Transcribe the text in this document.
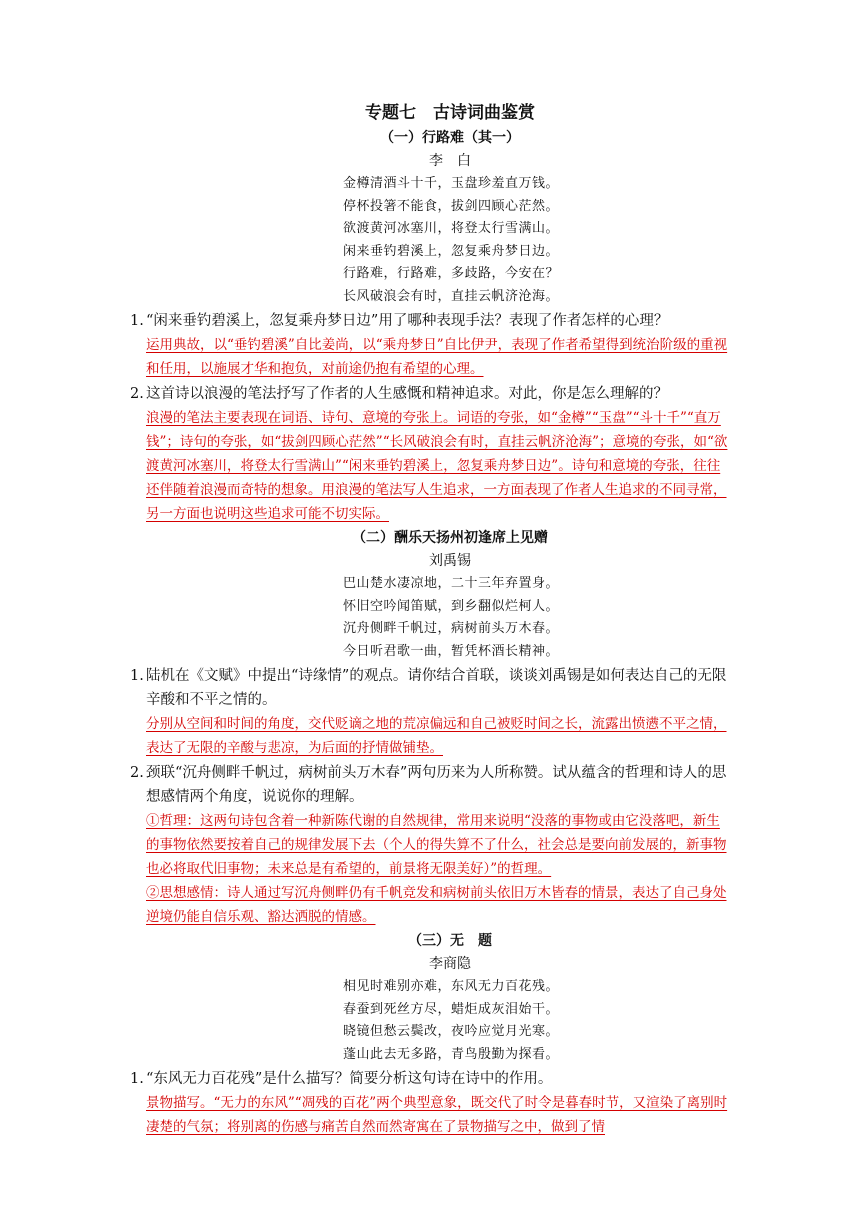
专题七　古诗词曲鉴赏
（一）行路难（其一）
李　白
金樽清酒斗十千，玉盘珍羞直万钱。
停杯投箸不能食，拔剑四顾心茫然。
欲渡黄河冰塞川，将登太行雪满山。
闲来垂钓碧溪上，忽复乘舟梦日边。
行路难，行路难，多歧路，今安在？
长风破浪会有时，直挂云帆济沧海。
1. “闲来垂钓碧溪上，忽复乘舟梦日边”用了哪种表现手法？表现了作者怎样的心理？

运用典故，以“垂钓碧溪”自比姜尚，以“乘舟梦日”自比伊尹，表现了作者希望得到统治阶级的重视和任用，以施展才华和抱负，对前途仍抱有希望的心理。

2. 这首诗以浪漫的笔法抒写了作者的人生感慨和精神追求。对此，你是怎么理解的？

浪漫的笔法主要表现在词语、诗句、意境的夸张上。词语的夸张，如“金樽”“玉盘”“斗十千”“直万钱”；诗句的夸张，如“拔剑四顾心茫然”“长风破浪会有时，直挂云帆济沧海”；意境的夸张，如“欲渡黄河冰塞川，将登太行雪满山”“闲来垂钓碧溪上，忽复乘舟梦日边”。诗句和意境的夸张，往往还伴随着浪漫而奇特的想象。用浪漫的笔法写人生追求，一方面表现了作者人生追求的不同寻常，另一方面也说明这些追求可能不切实际。

（二）酬乐天扬州初逢席上见赠
刘禹锡
巴山楚水凄凉地，二十三年弃置身。
怀旧空吟闻笛赋，到乡翻似烂柯人。
沉舟侧畔千帆过，病树前头万木春。
今日听君歌一曲，暂凭杯酒长精神。
1. 陆机在《文赋》中提出“诗缘情”的观点。请你结合首联，谈谈刘禹锡是如何表达自己的无限辛酸和不平之情的。

分别从空间和时间的角度，交代贬谪之地的荒凉偏远和自己被贬时间之长，流露出愤懑不平之情，表达了无限的辛酸与悲凉，为后面的抒情做铺垫。

2. 颈联“沉舟侧畔千帆过，病树前头万木春”两句历来为人所称赞。试从蕴含的哲理和诗人的思想感情两个角度，说说你的理解。

①哲理：这两句诗包含着一种新陈代谢的自然规律，常用来说明“没落的事物或由它没落吧，新生的事物依然要按着自己的规律发展下去（个人的得失算不了什么，社会总是要向前发展的，新事物也必将取代旧事物；未来总是有希望的，前景将无限美好）”的哲理。

②思想感情：诗人通过写沉舟侧畔仍有千帆竞发和病树前头依旧万木皆春的情景，表达了自己身处逆境仍能自信乐观、豁达洒脱的情感。

（三）无　题
李商隐
相见时难别亦难，东风无力百花残。
春蚕到死丝方尽，蜡炬成灰泪始干。
晓镜但愁云鬓改，夜吟应觉月光寒。
蓬山此去无多路，青鸟殷勤为探看。
1. “东风无力百花残”是什么描写？简要分析这句诗在诗中的作用。

景物描写。“无力的东风”“凋残的百花”两个典型意象，既交代了时令是暮春时节，又渲染了离别时凄楚的气氛；将别离的伤感与痛苦自然而然寄寓在了景物描写之中，做到了情
